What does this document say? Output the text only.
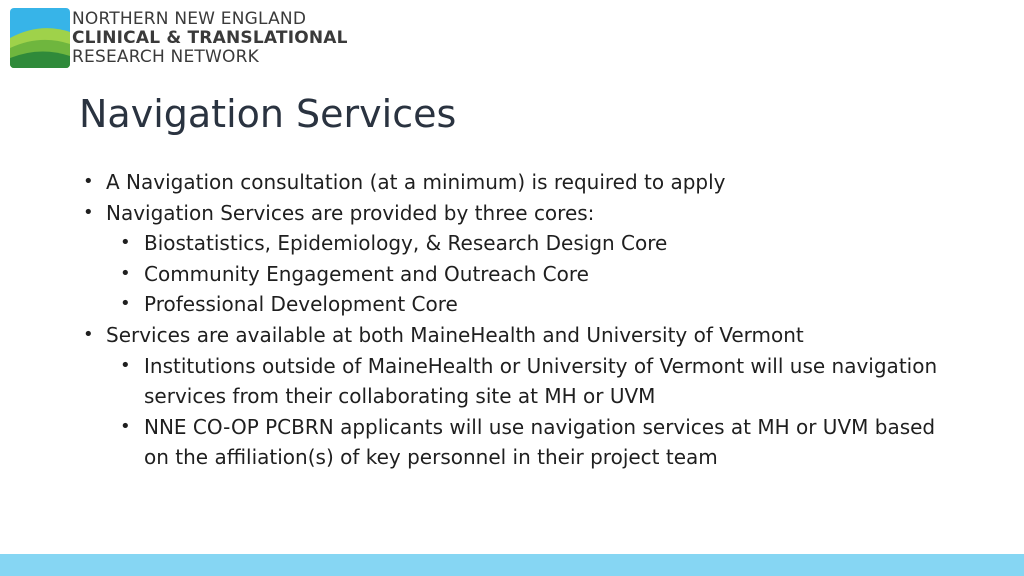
NORTHERN NEW ENGLAND
CLINICAL & TRANSLATIONAL
RESEARCH NETWORK
Navigation Services
• A Navigation consultation (at a minimum) is required to apply
• Navigation Services are provided by three cores:
• Biostatistics, Epidemiology, & Research Design Core
• Community Engagement and Outreach Core
• Professional Development Core
• Services are available at both MaineHealth and University of Vermont
• Institutions outside of MaineHealth or University of Vermont will use navigation services from their collaborating site at MH or UVM
• NNE CO-OP PCBRN applicants will use navigation services at MH or UVM based on the affiliation(s) of key personnel in their project team
